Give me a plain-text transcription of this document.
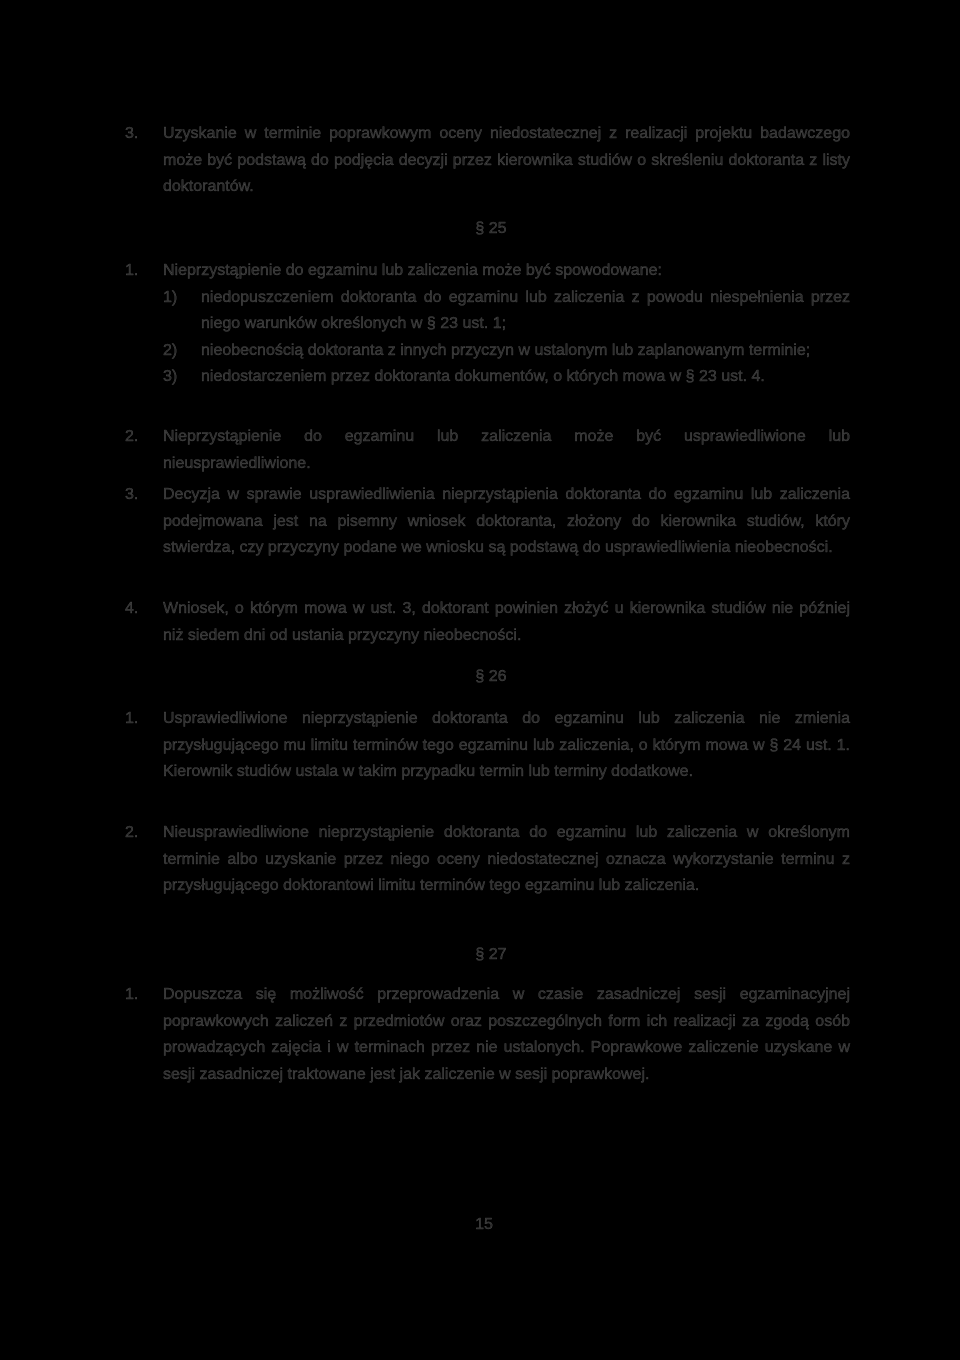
3.	Uzyskanie w terminie poprawkowym oceny niedostatecznej z realizacji projektu badawczego może być podstawą do podjęcia decyzji przez kierownika studiów o skreśleniu doktoranta z listy doktorantów.
§ 25
1.	Nieprzystąpienie do egzaminu lub zaliczenia może być spowodowane:
1) niedopuszczeniem doktoranta do egzaminu lub zaliczenia z powodu niespełnienia przez niego warunków określonych w § 23 ust. 1;
2) nieobecnością doktoranta z innych przyczyn w ustalonym lub zaplanowanym terminie;
3) niedostarczeniem przez doktoranta dokumentów, o których mowa w § 23 ust. 4.
2.	Nieprzystąpienie do egzaminu lub zaliczenia może być usprawiedliwione lub nieusprawiedliwione.
3.	Decyzja w sprawie usprawiedliwienia nieprzystąpienia doktoranta do egzaminu lub zaliczenia podejmowana jest na pisemny wniosek doktoranta, złożony do kierownika studiów, który stwierdza, czy przyczyny podane we wniosku są podstawą do usprawiedliwienia nieobecności.
4.	Wniosek, o którym mowa w ust. 3, doktorant powinien złożyć u kierownika studiów nie później niż siedem dni od ustania przyczyny nieobecności.
§ 26
1.	Usprawiedliwione nieprzystąpienie doktoranta do egzaminu lub zaliczenia nie zmienia przysługującego mu limitu terminów tego egzaminu lub zaliczenia, o którym mowa w § 24 ust. 1. Kierownik studiów ustala w takim przypadku termin lub terminy dodatkowe.
2.	Nieusprawiedliwione nieprzystąpienie doktoranta do egzaminu lub zaliczenia w określonym terminie albo uzyskanie przez niego oceny niedostatecznej oznacza wykorzystanie terminu z przysługującego doktorantowi limitu terminów tego egzaminu lub zaliczenia.
§ 27
1.	Dopuszcza się możliwość przeprowadzenia w czasie zasadniczej sesji egzaminacyjnej poprawkowych zaliczeń z przedmiotów oraz poszczególnych form ich realizacji za zgodą osób prowadzących zajęcia i w terminach przez nie ustalonych. Poprawkowe zaliczenie uzyskane w sesji zasadniczej traktowane jest jak zaliczenie w sesji poprawkowej.
15
